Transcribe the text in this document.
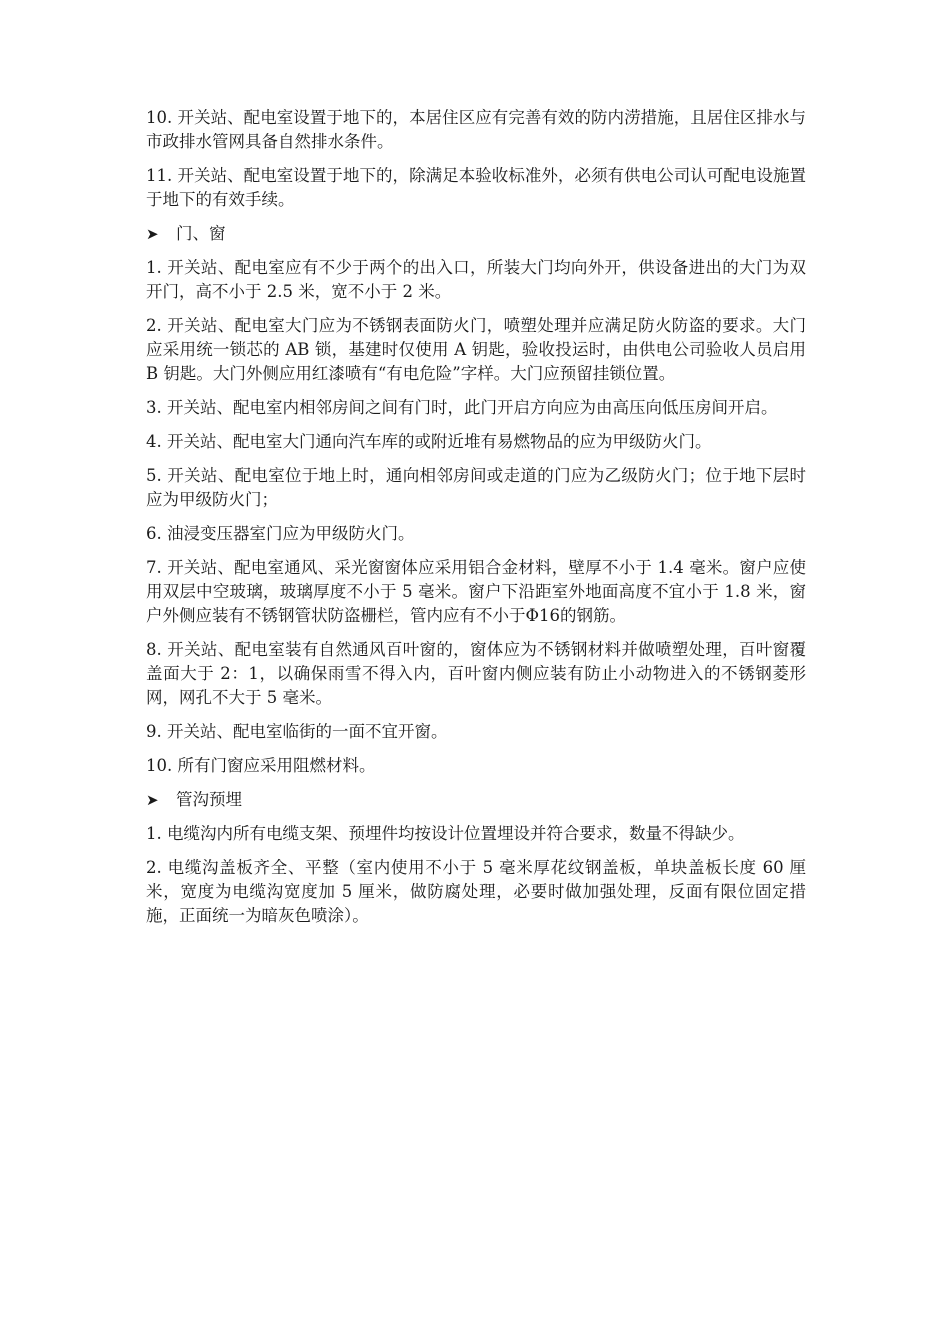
10. 开关站、配电室设置于地下的，本居住区应有完善有效的防内涝措施，且居住区排水与市政排水管网具备自然排水条件。

11. 开关站、配电室设置于地下的，除满足本验收标准外，必须有供电公司认可配电设施置于地下的有效手续。

➤	门、窗

1. 开关站、配电室应有不少于两个的出入口，所装大门均向外开，供设备进出的大门为双开门，高不小于 2.5 米，宽不小于 2 米。

2. 开关站、配电室大门应为不锈钢表面防火门，喷塑处理并应满足防火防盗的要求。大门应采用统一锁芯的 AB 锁，基建时仅使用 A 钥匙，验收投运时，由供电公司验收人员启用 B 钥匙。大门外侧应用红漆喷有“有电危险”字样。大门应预留挂锁位置。

3. 开关站、配电室内相邻房间之间有门时，此门开启方向应为由高压向低压房间开启。

4. 开关站、配电室大门通向汽车库的或附近堆有易燃物品的应为甲级防火门。

5. 开关站、配电室位于地上时，通向相邻房间或走道的门应为乙级防火门；位于地下层时应为甲级防火门；

6. 油浸变压器室门应为甲级防火门。

7. 开关站、配电室通风、采光窗窗体应采用铝合金材料，壁厚不小于 1.4 毫米。窗户应使用双层中空玻璃，玻璃厚度不小于 5 毫米。窗户下沿距室外地面高度不宜小于 1.8 米，窗户外侧应装有不锈钢管状防盗栅栏，管内应有不小于Φ16的钢筋。

8. 开关站、配电室装有自然通风百叶窗的，窗体应为不锈钢材料并做喷塑处理，百叶窗覆盖面大于 2：1，以确保雨雪不得入内，百叶窗内侧应装有防止小动物进入的不锈钢菱形网，网孔不大于 5 毫米。

9. 开关站、配电室临街的一面不宜开窗。

10. 所有门窗应采用阻燃材料。

➤	管沟预埋

1. 电缆沟内所有电缆支架、预埋件均按设计位置埋设并符合要求，数量不得缺少。

2. 电缆沟盖板齐全、平整（室内使用不小于 5 毫米厚花纹钢盖板，单块盖板长度 60 厘米，宽度为电缆沟宽度加 5 厘米，做防腐处理，必要时做加强处理，反面有限位固定措施，正面统一为暗灰色喷涂）。
